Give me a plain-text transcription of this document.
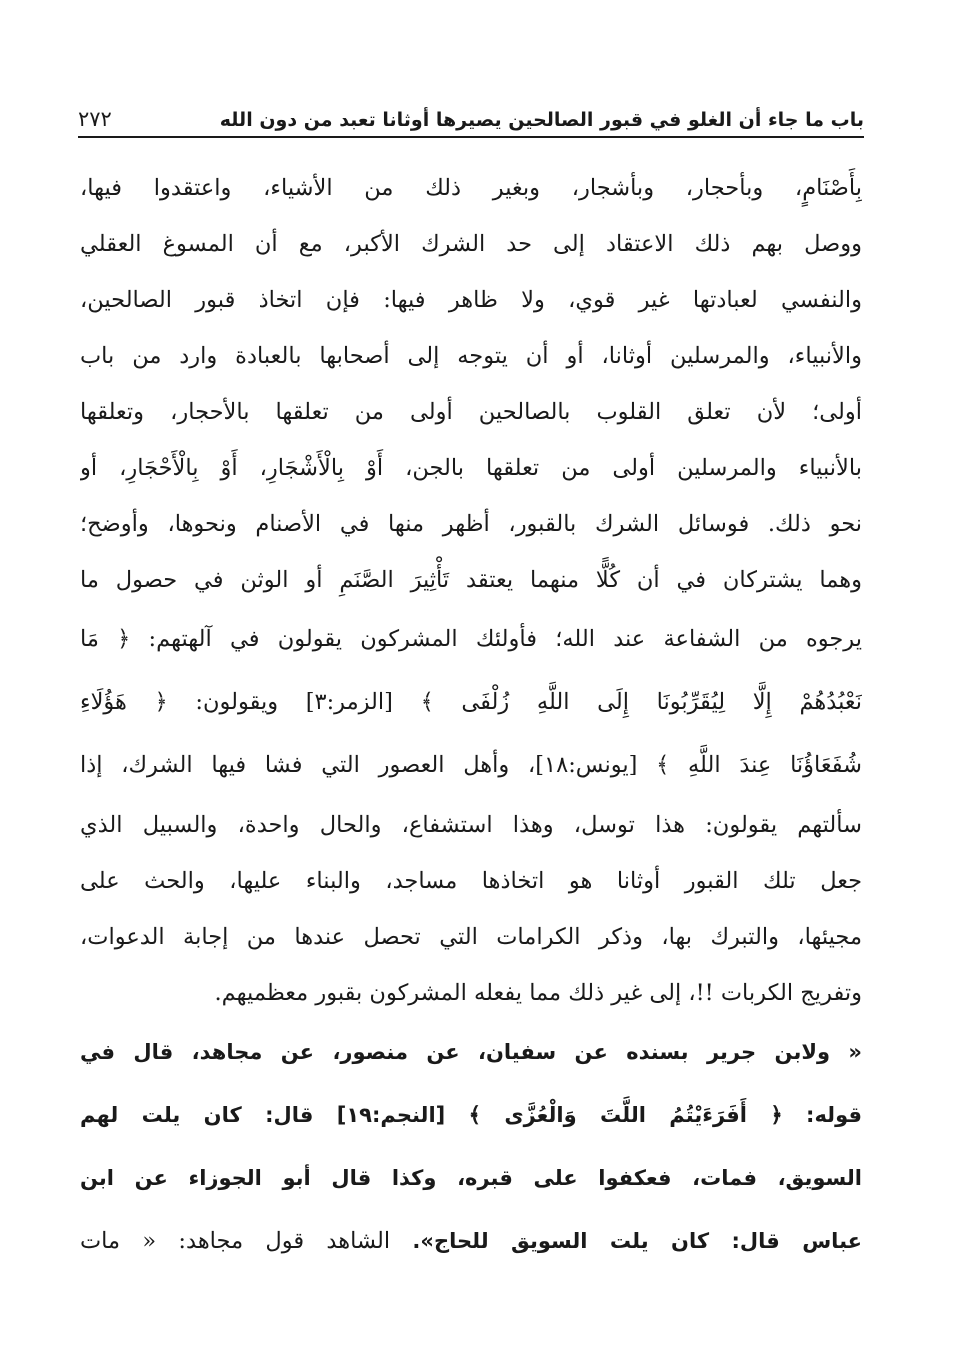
باب ما جاء أن الغلو في قبور الصالحين يصيرها أوثانا تعبد من دون الله
٢٧٢
بِأَصْنَامٍ، وبأحجار، وبأشجار، وبغير ذلك من الأشياء، واعتقدوا فيها،
ووصل بهم ذلك الاعتقاد إلى حد الشرك الأكبر، مع أن المسوغ العقلي
والنفسي لعبادتها غير قوي، ولا ظاهر فيها: فإن اتخاذ قبور الصالحين،
والأنبياء، والمرسلين أوثانا، أو أن يتوجه إلى أصحابها بالعبادة وارد من باب
أولى؛ لأن تعلق القلوب بالصالحين أولى من تعلقها بالأحجار، وتعلقها
بالأنبياء والمرسلين أولى من تعلقها بالجن، أَوْ بِالْأَشْجَارِ، أَوْ بِالْأَحْجَارِ، أو
نحو ذلك. فوسائل الشرك بالقبور، أظهر منها في الأصنام ونحوها، وأوضح؛
وهما يشتركان في أن كُلًّا منهما يعتقد تَأْثِيرَ الصَّنَمِ أو الوثن في حصول ما
يرجوه من الشفاعة عند الله؛ فأولئك المشركون يقولون في آلهتهم: ﴿ مَا
نَعْبُدُهُمْ إِلَّا لِيُقَرِّبُونَا إِلَى اللَّهِ زُلْفَى ﴾ [الزمر:٣] ويقولون: ﴿ هَؤُلَاءِ
شُفَعَاؤُنَا عِندَ اللَّهِ ﴾ [يونس:١٨]، وأهل العصور التي فشا فيها الشرك، إذا
سألتهم يقولون: هذا توسل، وهذا استشفاع، والحال واحدة، والسبيل الذي
جعل تلك القبور أوثانا هو اتخاذها مساجد، والبناء عليها، والحث على
مجيئها، والتبرك بها، وذكر الكرامات التي تحصل عندها من إجابة الدعوات،
وتفريج الكربات !!، إلى غير ذلك مما يفعله المشركون بقبور معظميهم.
« ولابن جرير بسنده عن سفيان، عن منصور، عن مجاهد، قال في
قوله: ﴿ أَفَرَءَيْتُمُ اللَّتَ وَالْعُزَّى ﴾ [النجم:١٩] قال: كان يلت لهم
السويق، فمات، فعكفوا على قبره، وكذا قال أبو الجوزاء عن ابن
عباس قال: كان يلت السويق للحاج». الشاهد قول مجاهد: « مات
